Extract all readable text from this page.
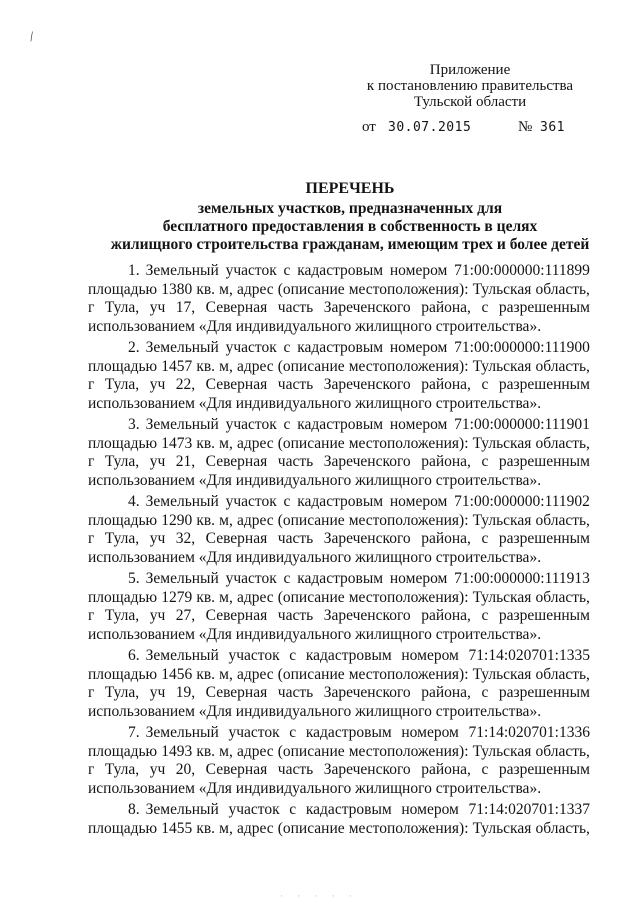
/
Приложение
к постановлению правительства
Тульской области
от 30.07.2015	№ 361
ПЕРЕЧЕНЬ
земельных участков, предназначенных для
бесплатного предоставления в собственность в целях
жилищного строительства гражданам, имеющим трех и более детей
1. Земельный участок с кадастровым номером 71:00:000000:111899
площадью 1380 кв. м, адрес (описание местоположения): Тульская область,
г Тула, уч 17, Северная часть Зареченского района, с разрешенным
использованием «Для индивидуального жилищного строительства».
2. Земельный участок с кадастровым номером 71:00:000000:111900
площадью 1457 кв. м, адрес (описание местоположения): Тульская область,
г Тула, уч 22, Северная часть Зареченского района, с разрешенным
использованием «Для индивидуального жилищного строительства».
3. Земельный участок с кадастровым номером 71:00:000000:111901
площадью 1473 кв. м, адрес (описание местоположения): Тульская область,
г Тула, уч 21, Северная часть Зареченского района, с разрешенным
использованием «Для индивидуального жилищного строительства».
4. Земельный участок с кадастровым номером 71:00:000000:111902
площадью 1290 кв. м, адрес (описание местоположения): Тульская область,
г Тула, уч 32, Северная часть Зареченского района, с разрешенным
использованием «Для индивидуального жилищного строительства».
5. Земельный участок с кадастровым номером 71:00:000000:111913
площадью 1279 кв. м, адрес (описание местоположения): Тульская область,
г Тула, уч 27, Северная часть Зареченского района, с разрешенным
использованием «Для индивидуального жилищного строительства».
6. Земельный участок с кадастровым номером 71:14:020701:1335
площадью 1456 кв. м, адрес (описание местоположения): Тульская область,
г Тула, уч 19, Северная часть Зареченского района, с разрешенным
использованием «Для индивидуального жилищного строительства».
7. Земельный участок с кадастровым номером 71:14:020701:1336
площадью 1493 кв. м, адрес (описание местоположения): Тульская область,
г Тула, уч 20, Северная часть Зареченского района, с разрешенным
использованием «Для индивидуального жилищного строительства».
8. Земельный участок с кадастровым номером 71:14:020701:1337
площадью 1455 кв. м, адрес (описание местоположения): Тульская область,
· · · · ·
